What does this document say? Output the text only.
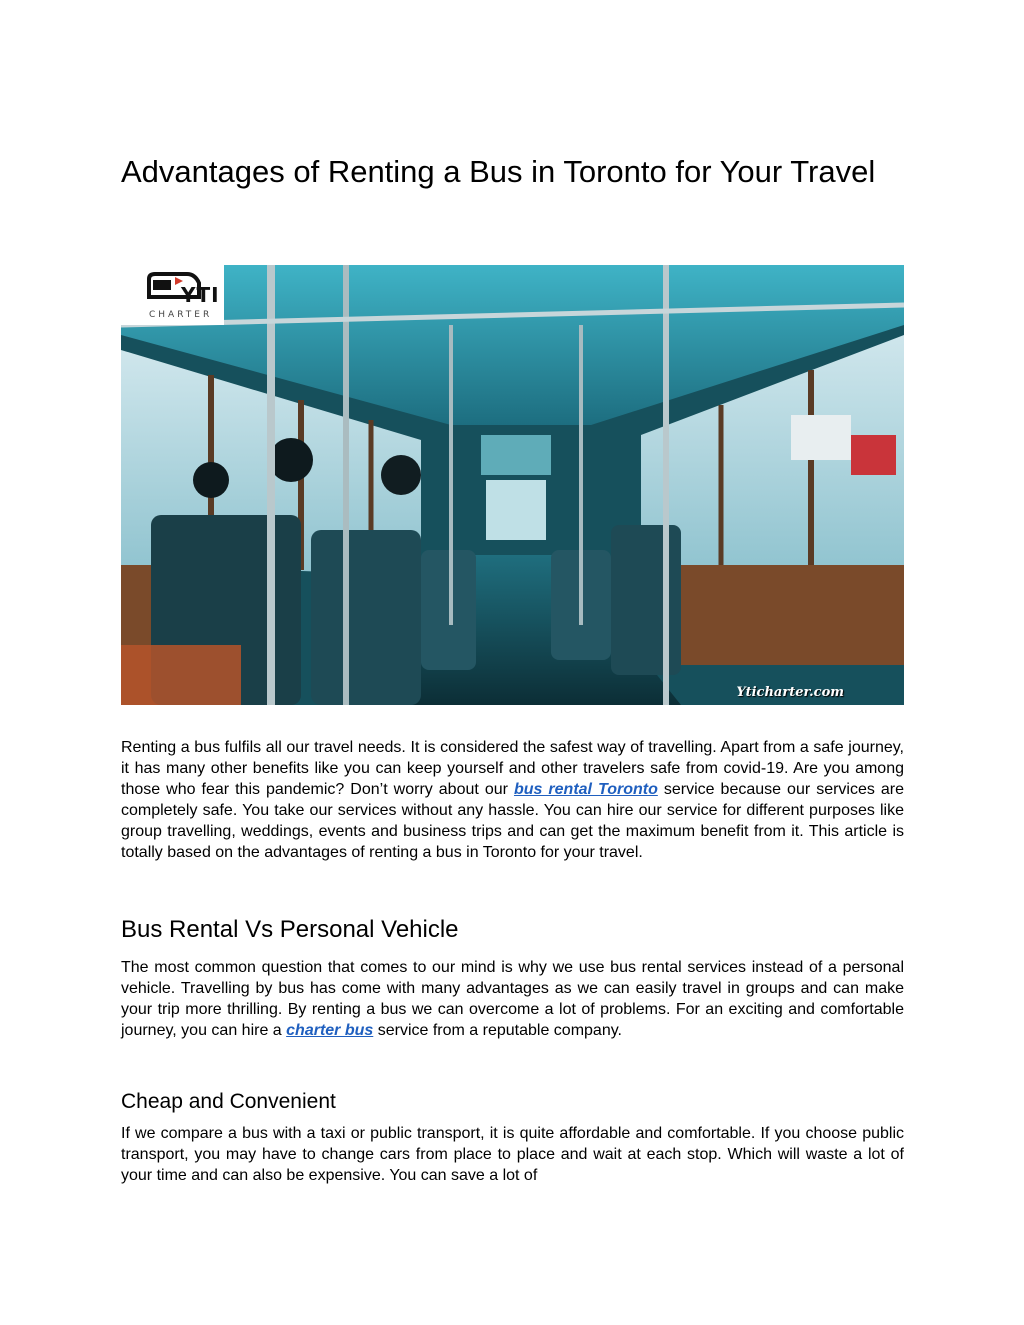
Advantages of Renting a Bus in Toronto for Your Travel
Yticharter.com
YTI
CHARTER

Renting a bus fulfils all our travel needs. It is considered the safest way of travelling. Apart from a safe journey, it has many other benefits like you can keep yourself and other travelers safe from covid-19. Are you among those who fear this pandemic? Don’t worry about our bus rental Toronto service because our services are completely safe. You take our services without any hassle. You can hire our service for different purposes like group travelling, weddings, events and business trips and can get the maximum benefit from it. This article is totally based on the advantages of renting a bus in Toronto for your travel.

Bus Rental Vs Personal Vehicle

The most common question that comes to our mind is why we use bus rental services instead of a personal vehicle. Travelling by bus has come with many advantages as we can easily travel in groups and can make your trip more thrilling. By renting a bus we can overcome a lot of problems. For an exciting and comfortable journey, you can hire a charter bus service from a reputable company.

Cheap and Convenient

If we compare a bus with a taxi or public transport, it is quite affordable and comfortable. If you choose public transport, you may have to change cars from place to place and wait at each stop. Which will waste a lot of your time and can also be expensive. You can save a lot of
